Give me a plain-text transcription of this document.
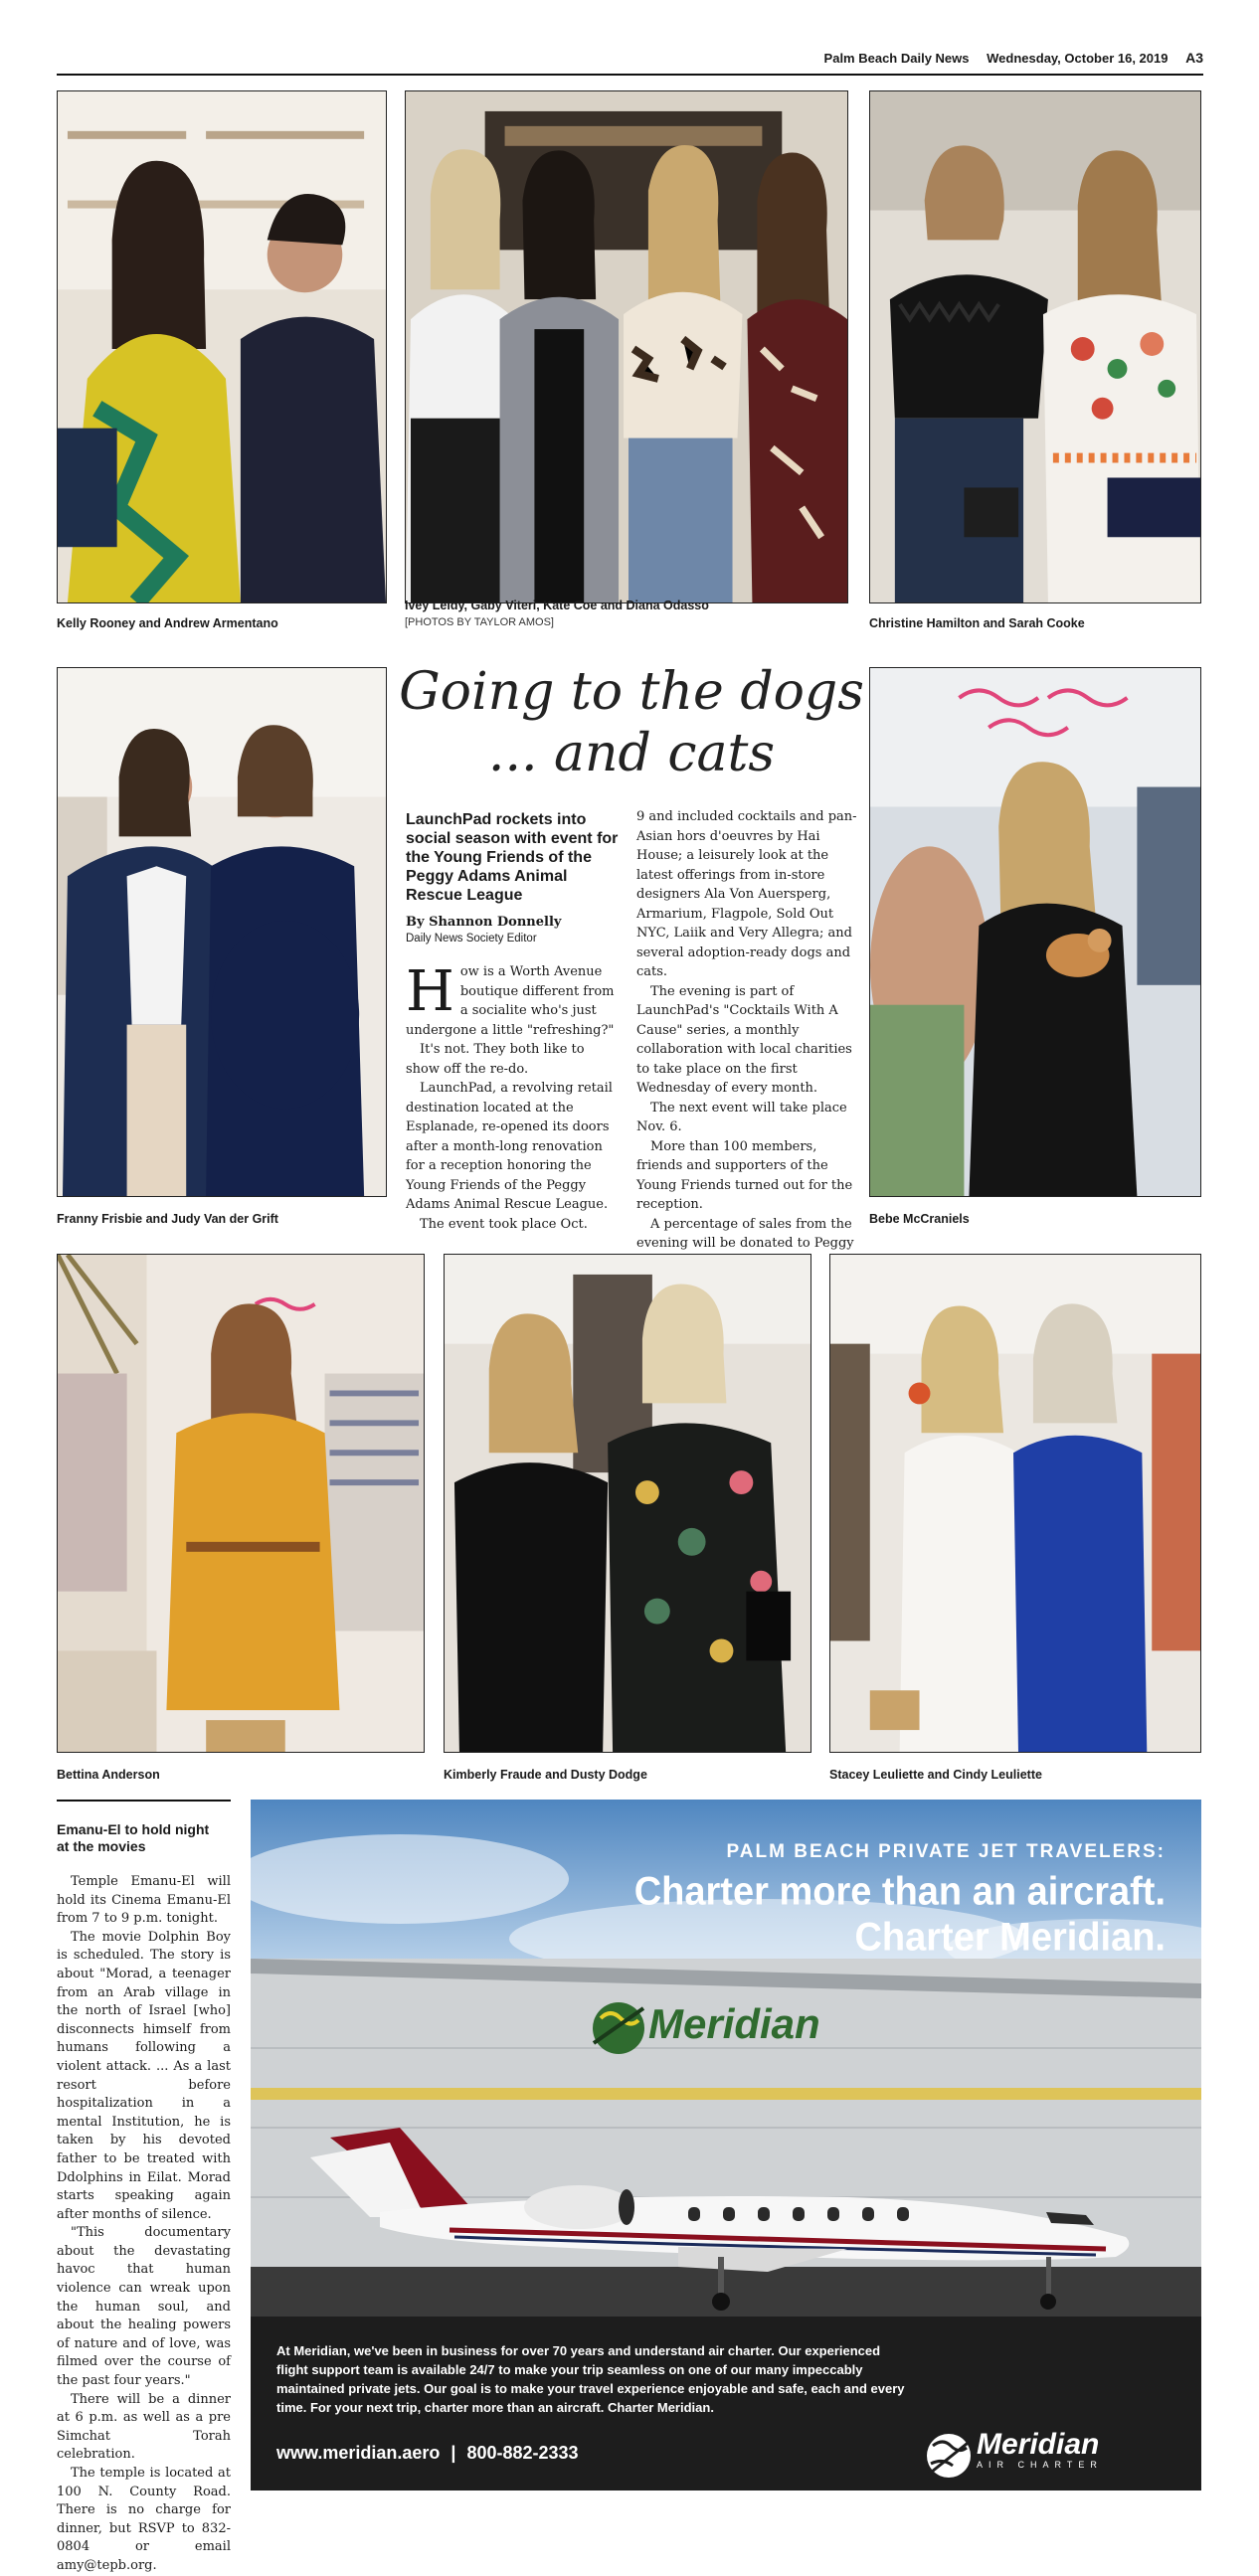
Palm Beach Daily News Wednesday, October 16, 2019 A3
Kelly Rooney and Andrew Armentano
Ivey Leidy, Gaby Viteri, Kate Coe and Diana Odasso
[PHOTOS BY TAYLOR AMOS]	Christine Hamilton and Sarah Cooke
Franny Frisbie and Judy Van der Grift
Going to the dogs
... and cats
LaunchPad rockets into social season with event for the Young Friends of the Peggy Adams Animal Rescue League
By Shannon Donnelly
Daily News Society Editor

How is a Worth Avenue boutique different from a socialite who's just undergone a little "refreshing?"

It's not. They both like to show off the re-do.

LaunchPad, a revolving retail destination located at the Esplanade, re-opened its doors after a month-long renovation for a reception honoring the Young Friends of the Peggy Adams Animal Rescue League.

The event took place Oct.

9 and included cocktails and pan-Asian hors d'oeuvres by Hai House; a leisurely look at the latest offerings from in-store designers Ala Von Auersperg, Armarium, Flagpole, Sold Out NYC, Laiik and Very Allegra; and several adoption-ready dogs and cats.

The evening is part of LaunchPad's "Cocktails With A Cause" series, a monthly collaboration with local charities to take place on the first Wednesday of every month.

The next event will take place Nov. 6.

More than 100 members, friends and supporters of the Young Friends turned out for the reception.

A percentage of sales from the evening will be donated to Peggy

Bebe McCraniels
Bettina Anderson	Kimberly Fraude and Dusty Dodge	Stacey Leuliette and Cindy Leuliette
Emanu-El to hold night at the movies

Temple Emanu-El will hold its Cinema Emanu-El from 7 to 9 p.m. tonight.

The movie Dolphin Boy is scheduled. The story is about "Morad, a teenager from an Arab village in the north of Israel [who] disconnects himself from humans following a violent attack. ... As a last resort before hospitalization in a mental Institution, he is taken by his devoted father to be treated with Ddolphins in Eilat. Morad starts speaking again after months of silence.

"This documentary about the devastating havoc that human violence can wreak upon the human soul, and about the healing powers of nature and of love, was filmed over the course of the past four years."

There will be a dinner at 6 p.m. as well as a pre Simchat Torah celebration.

The temple is located at 100 N. County Road. There is no charge for dinner, but RSVP to 832-0804 or email amy@tepb.org.

PALM BEACH PRIVATE JET TRAVELERS:
Charter more than an aircraft.
Charter Meridian.
Meridian
At Meridian, we've been in business for over 70 years and understand air charter. Our experienced flight support team is available 24/7 to make your trip seamless on one of our many impeccably maintained private jets. Our goal is to make your travel experience enjoyable and safe, each and every time. For your next trip, charter more than an aircraft. Charter Meridian.
www.meridian.aero | 800-882-2333	Meridian
AIR CHARTER
